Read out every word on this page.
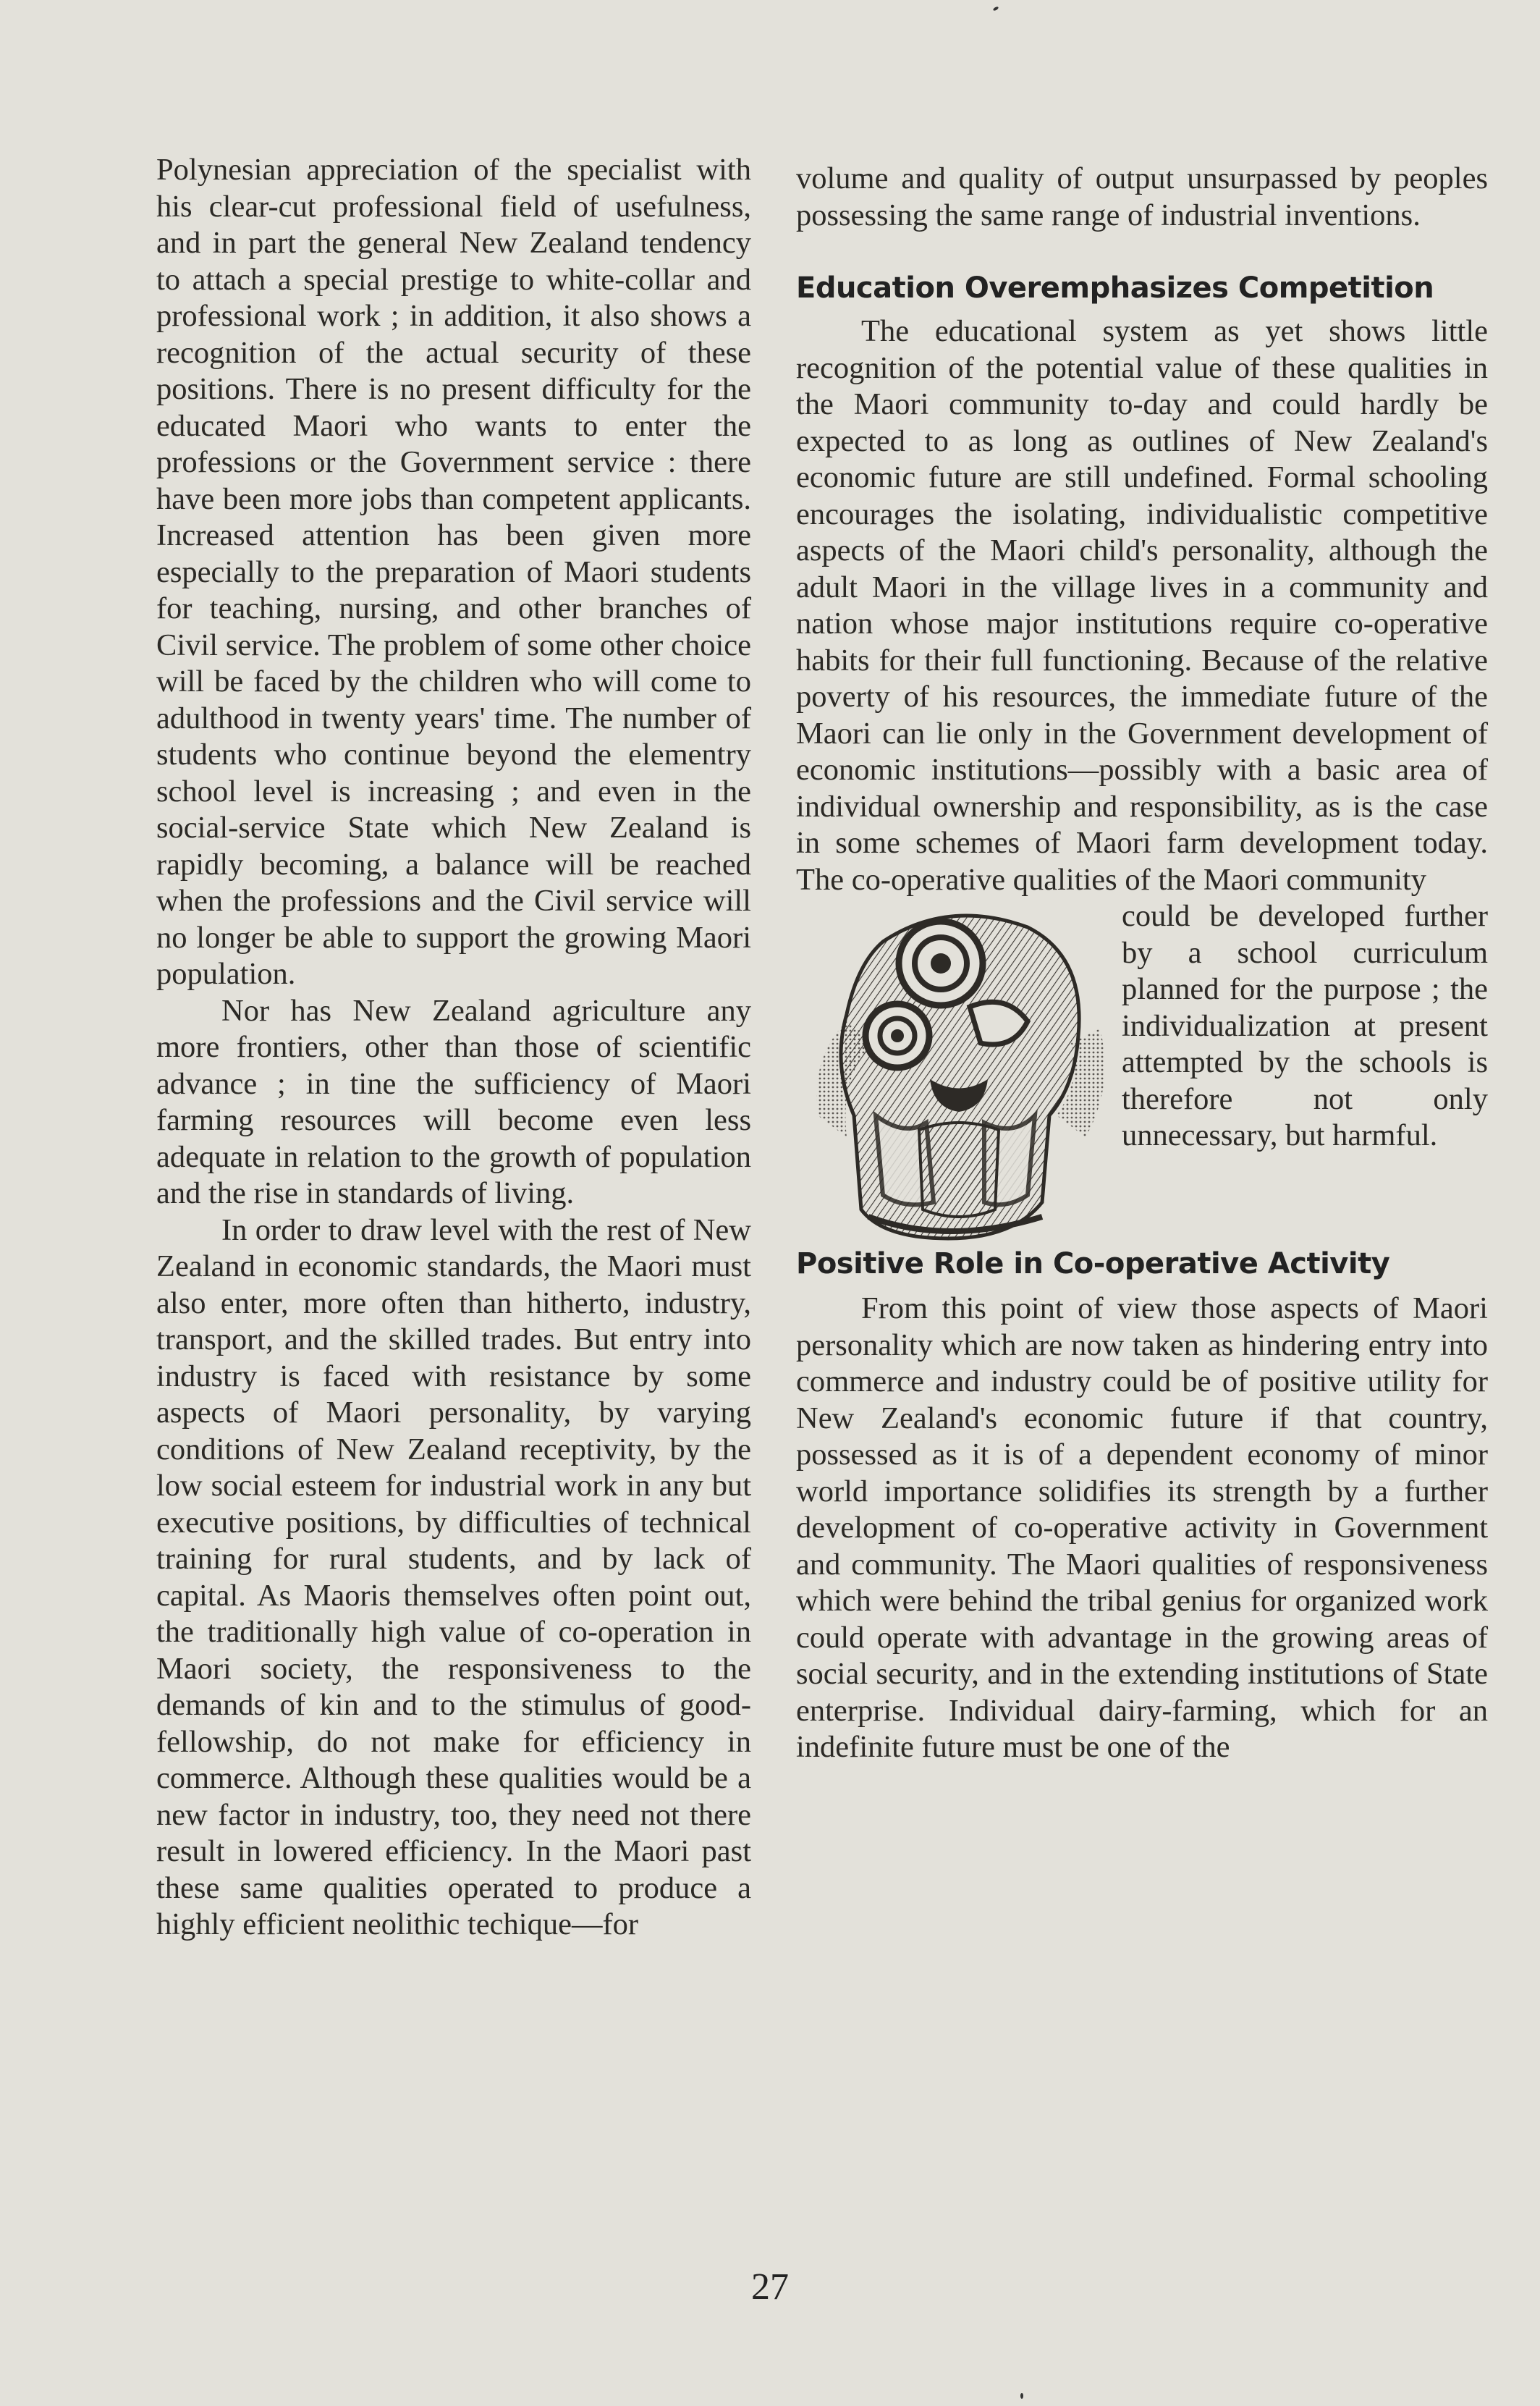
Polynesian appreciation of the specialist with his clear-cut professional field of usefulness, and in part the general New Zealand tendency to attach a special prestige to white-collar and professional work ; in addition, it also shows a recognition of the actual security of these positions. There is no present difficulty for the educated Maori who wants to enter the professions or the Government service : there have been more jobs than competent applicants. Increased attention has been given more especially to the preparation of Maori students for teaching, nursing, and other branches of Civil service. The problem of some other choice will be faced by the children who will come to adulthood in twenty years' time. The number of students who continue beyond the elementry school level is increasing ; and even in the social-service State which New Zealand is rapidly becoming, a balance will be reached when the professions and the Civil service will no longer be able to support the growing Maori population.

Nor has New Zealand agriculture any more frontiers, other than those of scientific advance ; in tine the sufficiency of Maori farming resources will become even less adequate in relation to the growth of population and the rise in standards of living.

In order to draw level with the rest of New Zealand in economic standards, the Maori must also enter, more often than hitherto, industry, transport, and the skilled trades. But entry into industry is faced with resistance by some aspects of Maori personality, by varying conditions of New Zealand receptivity, by the low social esteem for industrial work in any but executive positions, by difficulties of technical training for rural students, and by lack of capital. As Maoris themselves often point out, the traditionally high value of co-operation in Maori society, the responsiveness to the demands of kin and to the stimulus of good-fellowship, do not make for efficiency in commerce. Although these qualities would be a new factor in industry, too, they need not there result in lowered efficiency. In the Maori past these same qualities operated to produce a highly efficient neolithic techique—for

volume and quality of output unsurpassed by peoples possessing the same range of industrial inventions.

Education Overemphasizes Competition

The educational system as yet shows little recognition of the potential value of these qualities in the Maori community to-day and could hardly be expected to as long as outlines of New Zealand's economic future are still undefined. Formal schooling encourages the isolating, individualistic competitive aspects of the Maori child's personality, although the adult Maori in the village lives in a community and nation whose major institutions require co-operative habits for their full functioning. Because of the relative poverty of his resources, the immediate future of the Maori can lie only in the Government development of economic institutions—possibly with a basic area of individual ownership and responsibility, as is the case in some schemes of Maori farm development today. The co-operative qualities of the Maori community

could be developed further by a school curriculum planned for the purpose ; the individualization at present attempted by the schools is therefore not only unnecessary, but harmful.

Positive Role in Co-operative Activity

From this point of view those aspects of Maori personality which are now taken as hindering entry into commerce and industry could be of positive utility for New Zealand's economic future if that country, possessed as it is of a dependent economy of minor world importance solidifies its strength by a further development of co-operative activity in Government and community. The Maori qualities of responsiveness which were behind the tribal genius for organized work could operate with advantage in the growing areas of social security, and in the extending institutions of State enterprise. Individual dairy-farming, which for an indefinite future must be one of the

27
